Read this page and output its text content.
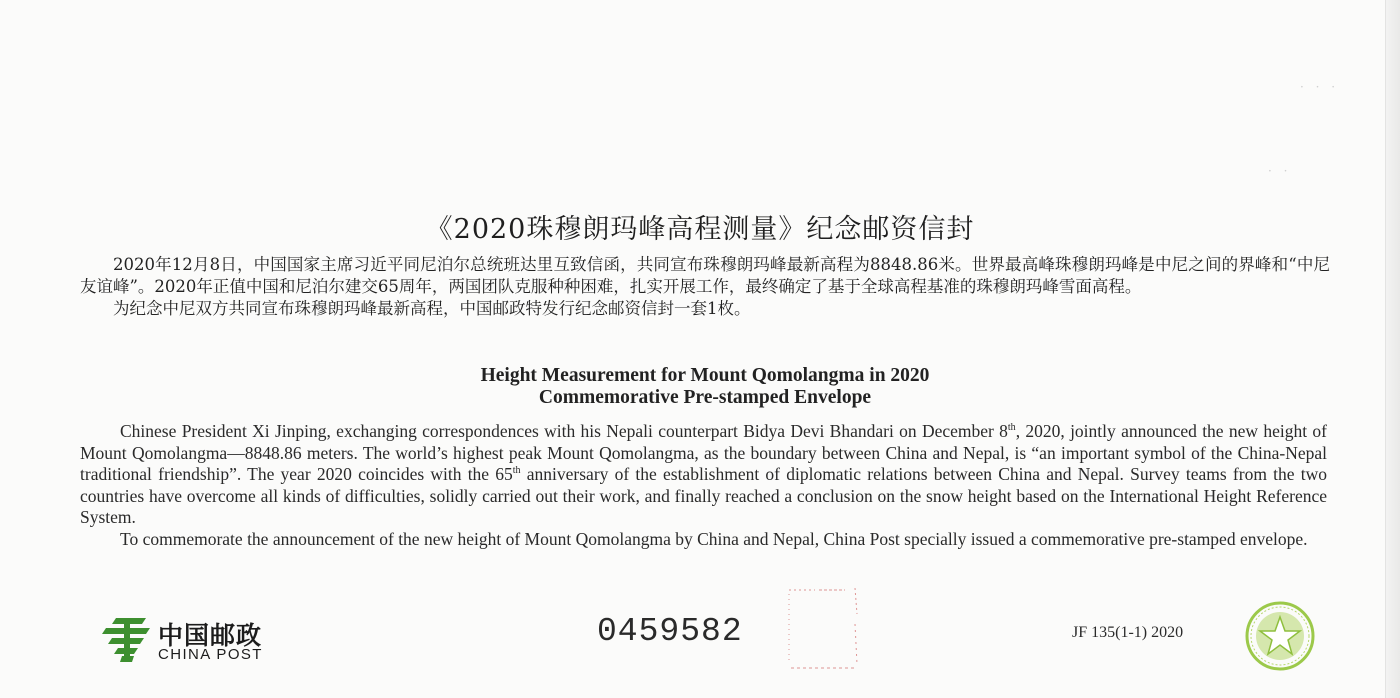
· · ·
· ·
《2020珠穆朗玛峰高程测量》纪念邮资信封

2020年12月8日，中国国家主席习近平同尼泊尔总统班达里互致信函，共同宣布珠穆朗玛峰最新高程为8848.86米。世界最高峰珠穆朗玛峰是中尼之间的界峰和“中尼友谊峰”。2020年正值中国和尼泊尔建交65周年，两国团队克服种种困难，扎实开展工作，最终确定了基于全球高程基准的珠穆朗玛峰雪面高程。

为纪念中尼双方共同宣布珠穆朗玛峰最新高程，中国邮政特发行纪念邮资信封一套1枚。

Height Measurement for Mount Qomolangma in 2020
Commemorative Pre-stamped Envelope

Chinese President Xi Jinping, exchanging correspondences with his Nepali counterpart Bidya Devi Bhandari on December 8th, 2020, jointly announced the new height of Mount Qomolangma—8848.86 meters. The world’s highest peak Mount Qomolangma, as the boundary between China and Nepal, is “an important symbol of the China-Nepal traditional friendship”. The year 2020 coincides with the 65th anniversary of the establishment of diplomatic relations between China and Nepal. Survey teams from the two countries have overcome all kinds of difficulties, solidly carried out their work, and finally reached a conclusion on the snow height based on the International Height Reference System.

To commemorate the announcement of the new height of Mount Qomolangma by China and Nepal, China Post specially issued a commemorative pre-stamped envelope.

中国邮政
CHINA POST
0459582	JF 135(1-1) 2020
